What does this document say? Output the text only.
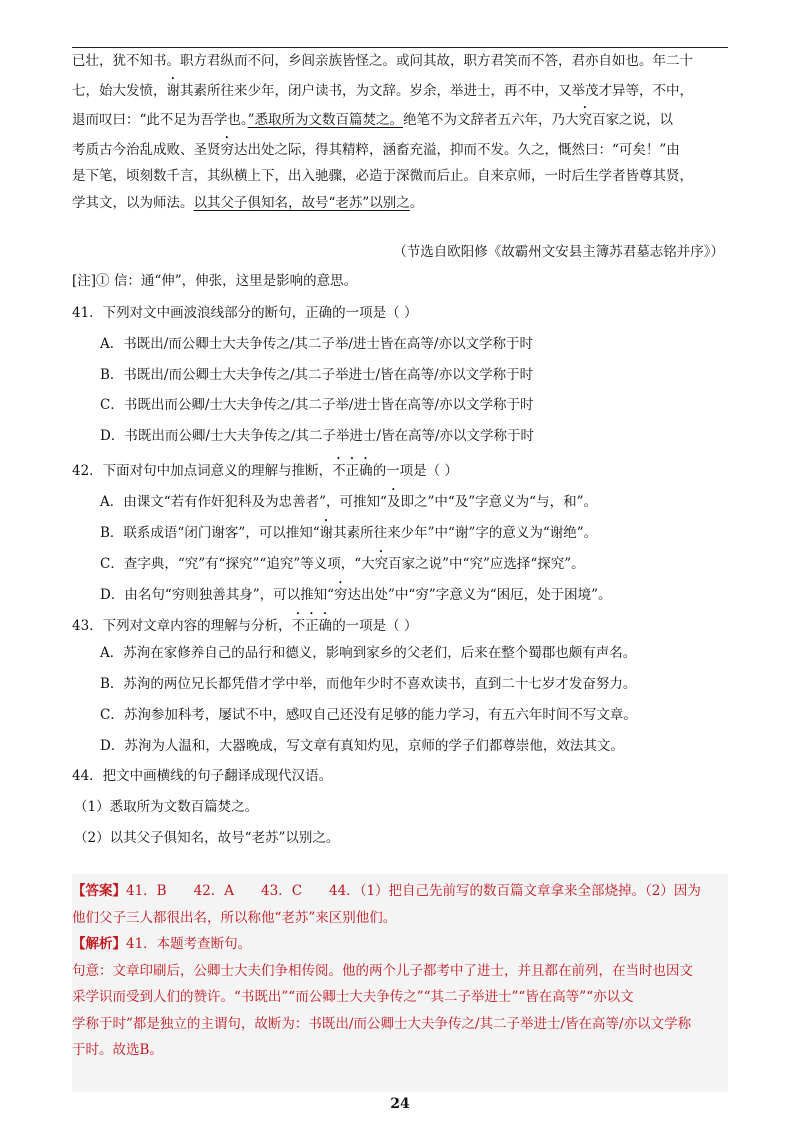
已壮，犹不知书。职方君纵而不问，乡闾亲族皆怪之。或问其故，职方君笑而不答，君亦自如也。年二十

七，始大发愤，谢其素所往来少年，闭户读书，为文辞。岁余，举进士，再不中，又举茂才异等，不中，

退而叹曰：“此不足为吾学也。”悉取所为文数百篇焚之。绝笔不为文辞者五六年，乃大究百家之说，以

考质古今治乱成败、圣贤穷达出处之际，得其精粹，涵畜充溢，抑而不发。久之，慨然曰：“可矣！”由

是下笔，顷刻数千言，其纵横上下，出入驰骤，必造于深微而后止。自来京师，一时后生学者皆尊其贤，

学其文，以为师法。以其父子俱知名，故号“老苏”以别之。

（节选自欧阳修《故霸州文安县主簿苏君墓志铭并序》）
[注]① 信：通“伸”，伸张，这里是影响的意思。
41．下列对文中画波浪线部分的断句，正确的一项是（ ）
A．书既出/而公卿士大夫争传之/其二子举/进士皆在高等/亦以文学称于时
B．书既出/而公卿士大夫争传之/其二子举进士/皆在高等/亦以文学称于时
C．书既出而公卿/士大夫争传之/其二子举/进士皆在高等/亦以文学称于时
D．书既出而公卿/士大夫争传之/其二子举进士/皆在高等/亦以文学称于时
42．下面对句中加点词意义的理解与推断，不正确的一项是（ ）
A．由课文“若有作奸犯科及为忠善者”，可推知“及即之”中“及”字意义为“与，和”。
B．联系成语“闭门谢客”，可以推知“谢其素所往来少年”中“谢”字的意义为“谢绝”。
C．查字典，“究”有“探究”“追究”等义项，“大究百家之说”中“究”应选择“探究”。
D．由名句“穷则独善其身”，可以推知“穷达出处”中“穷”字意义为“困厄，处于困境”。
43．下列对文章内容的理解与分析，不正确的一项是（ ）
A．苏洵在家修养自己的品行和德义，影响到家乡的父老们，后来在整个蜀郡也颇有声名。
B．苏洵的两位兄长都凭借才学中举，而他年少时不喜欢读书，直到二十七岁才发奋努力。
C．苏洵参加科考，屡试不中，感叹自己还没有足够的能力学习，有五六年时间不写文章。
D．苏洵为人温和，大器晚成，写文章有真知灼见，京师的学子们都尊崇他，效法其文。
44．把文中画横线的句子翻译成现代汉语。
（1）悉取所为文数百篇焚之。
（2）以其父子俱知名，故号“老苏”以别之。

【答案】41．B　　42．A　　43．C　　44．（1）把自己先前写的数百篇文章拿来全部烧掉。（2）因为

他们父子三人都很出名，所以称他“老苏”来区别他们。

【解析】41．本题考查断句。

句意：文章印刷后，公卿士大夫们争相传阅。他的两个儿子都考中了进士，并且都在前列，在当时也因文

采学识而受到人们的赞许。“书既出”“而公卿士大夫争传之”“其二子举进士”“皆在高等”“亦以文

学称于时”都是独立的主谓句，故断为：书既出/而公卿士大夫争传之/其二子举进士/皆在高等/亦以文学称

于时。故选B。

24
